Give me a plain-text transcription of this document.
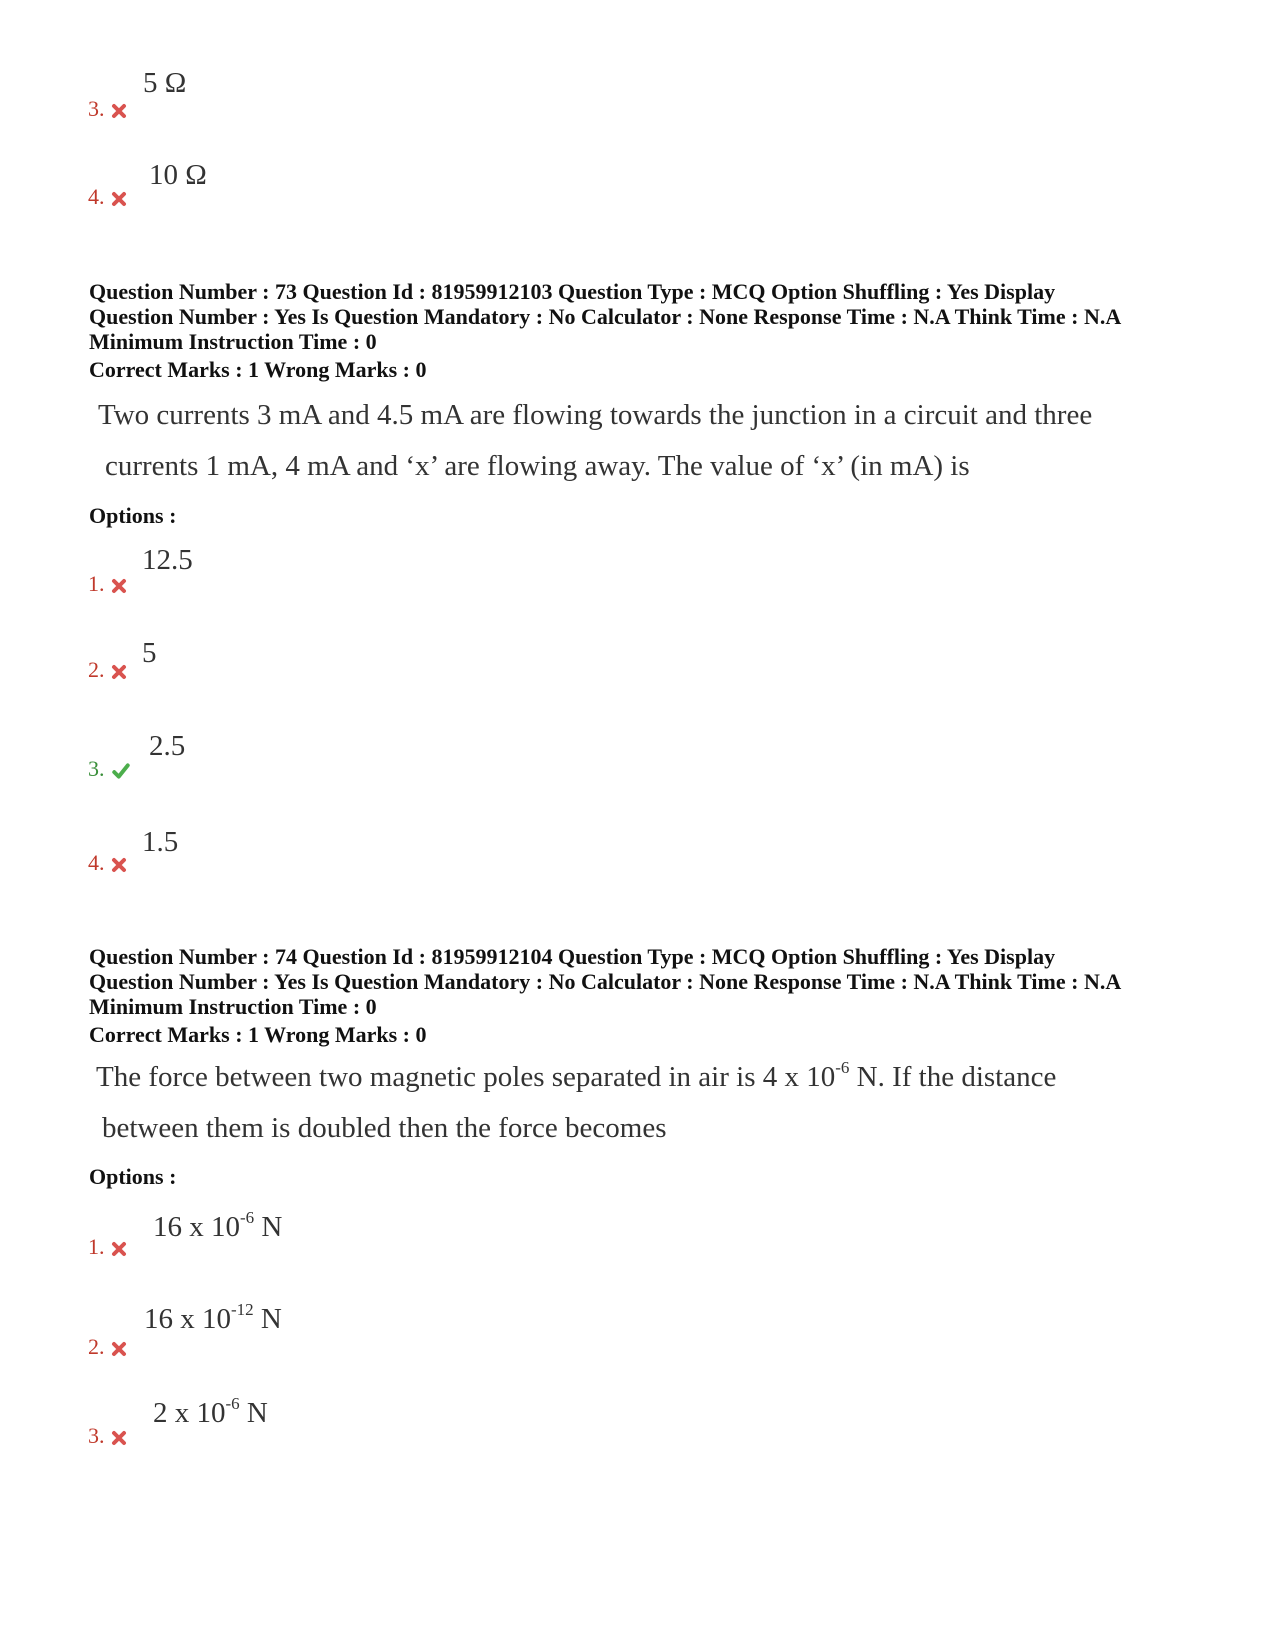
5 Ω
3.
10 Ω
4.
Question Number : 73 Question Id : 81959912103 Question Type : MCQ Option Shuffling : Yes Display
Question Number : Yes Is Question Mandatory : No Calculator : None Response Time : N.A Think Time : N.A
Minimum Instruction Time : 0
Correct Marks : 1 Wrong Marks : 0
Two currents 3 mA and 4.5 mA are flowing towards the junction in a circuit and three
currents 1 mA, 4 mA and ‘x’ are flowing away. The value of ‘x’ (in mA) is
Options :
12.5
1.
5
2.
2.5
3.
1.5
4.
Question Number : 74 Question Id : 81959912104 Question Type : MCQ Option Shuffling : Yes Display
Question Number : Yes Is Question Mandatory : No Calculator : None Response Time : N.A Think Time : N.A
Minimum Instruction Time : 0
Correct Marks : 1 Wrong Marks : 0
The force between two magnetic poles separated in air is 4 x $10^{-6}$ N. If the distance
between them is doubled then the force becomes
Options :
16 x $10^{-6}$ N
1.
16 x $10^{-12}$ N
2.
2 x $10^{-6}$ N
3.
